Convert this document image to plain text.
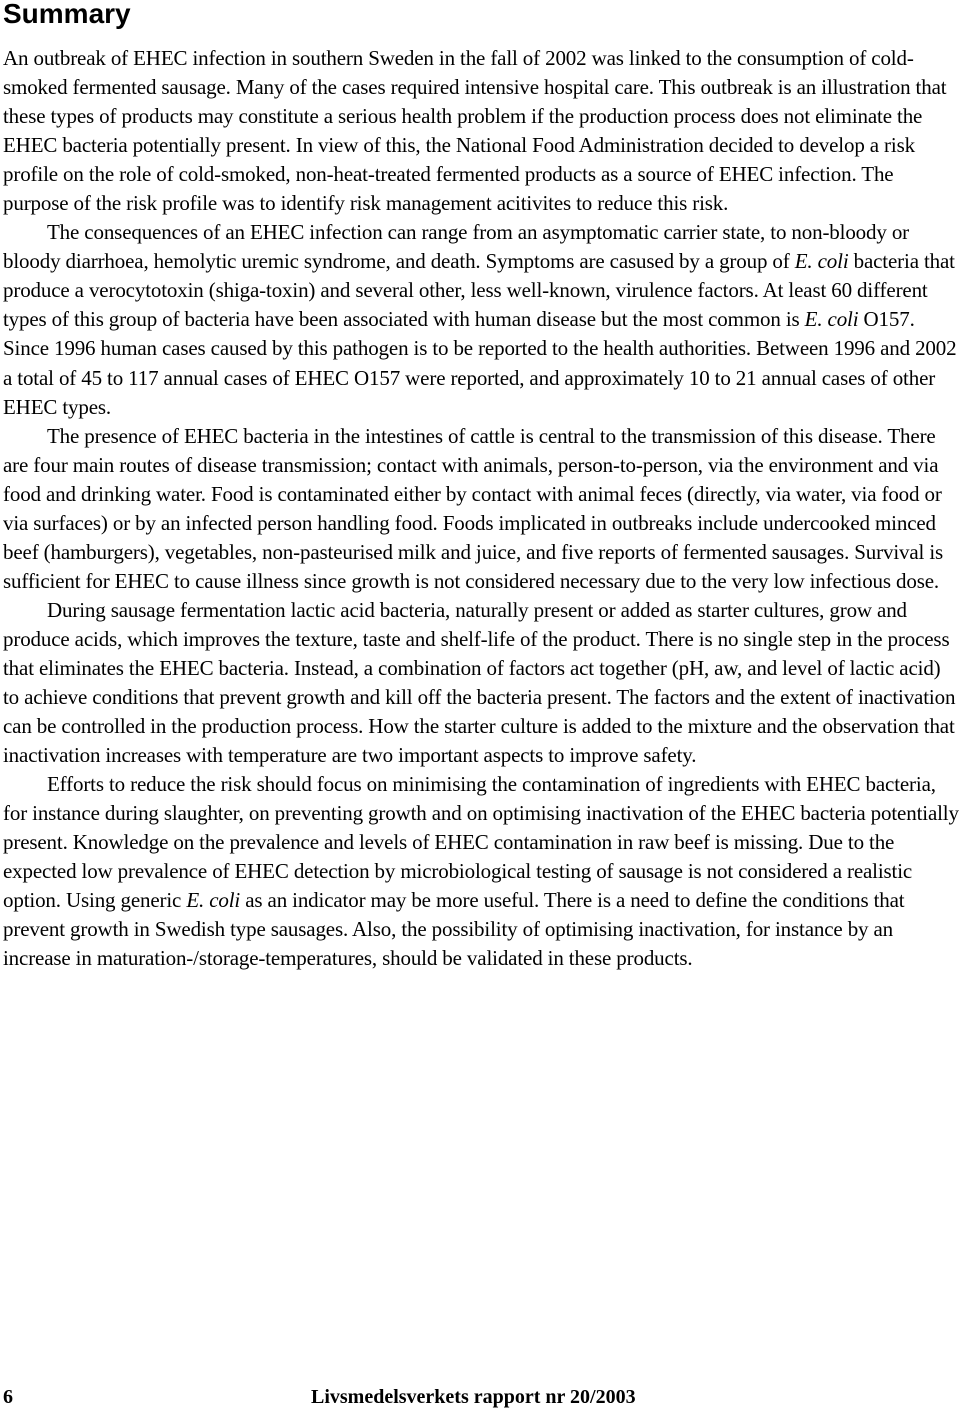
Summary

An outbreak of EHEC infection in southern Sweden in the fall of 2002 was linked to the consumption of cold-smoked fermented sausage. Many of the cases required intensive hospital care. This outbreak is an illustration that these types of products may constitute a serious health problem if the production process does not eliminate the EHEC bacteria potentially present. In view of this, the National Food Administration decided to develop a risk profile on the role of cold-smoked, non-heat-treated fermented products as a source of EHEC infection. The purpose of the risk profile was to identify risk management acitivites to reduce this risk.

The consequences of an EHEC infection can range from an asymptomatic carrier state, to non-bloody or bloody diarrhoea, hemolytic uremic syndrome, and death. Symptoms are casused by a group of E. coli bacteria that produce a verocytotoxin (shiga-toxin) and several other, less well-known, virulence factors. At least 60 different types of this group of bacteria have been associated with human disease but the most common is E. coli O157. Since 1996 human cases caused by this pathogen is to be reported to the health authorities. Between 1996 and 2002 a total of 45 to 117 annual cases of EHEC O157 were reported, and approximately 10 to 21 annual cases of other EHEC types.

The presence of EHEC bacteria in the intestines of cattle is central to the transmission of this disease. There are four main routes of disease transmission; contact with animals, person-to-person, via the environment and via food and drinking water. Food is contaminated either by contact with animal feces (directly, via water, via food or via surfaces) or by an infected person handling food. Foods implicated in outbreaks include undercooked minced beef (hamburgers), vegetables, non-pasteurised milk and juice, and five reports of fermented sausages. Survival is sufficient for EHEC to cause illness since growth is not considered necessary due to the very low infectious dose.

During sausage fermentation lactic acid bacteria, naturally present or added as starter cultures, grow and produce acids, which improves the texture, taste and shelf-life of the product. There is no single step in the process that eliminates the EHEC bacteria. Instead, a combination of factors act together (pH, aw, and level of lactic acid) to achieve conditions that prevent growth and kill off the bacteria present. The factors and the extent of inactivation can be controlled in the production process. How the starter culture is added to the mixture and the observation that inactivation increases with temperature are two important aspects to improve safety.

Efforts to reduce the risk should focus on minimising the contamination of ingredients with EHEC bacteria, for instance during slaughter, on preventing growth and on optimising inactivation of the EHEC bacteria potentially present. Knowledge on the prevalence and levels of EHEC contamination in raw beef is missing. Due to the expected low prevalence of EHEC detection by microbiological testing of sausage is not considered a realistic option. Using generic E. coli as an indicator may be more useful. There is a need to define the conditions that prevent growth in Swedish type sausages. Also, the possibility of optimising inactivation, for instance by an increase in maturation-/storage-temperatures, should be validated in these products.

6	Livsmedelsverkets rapport nr 20/2003
